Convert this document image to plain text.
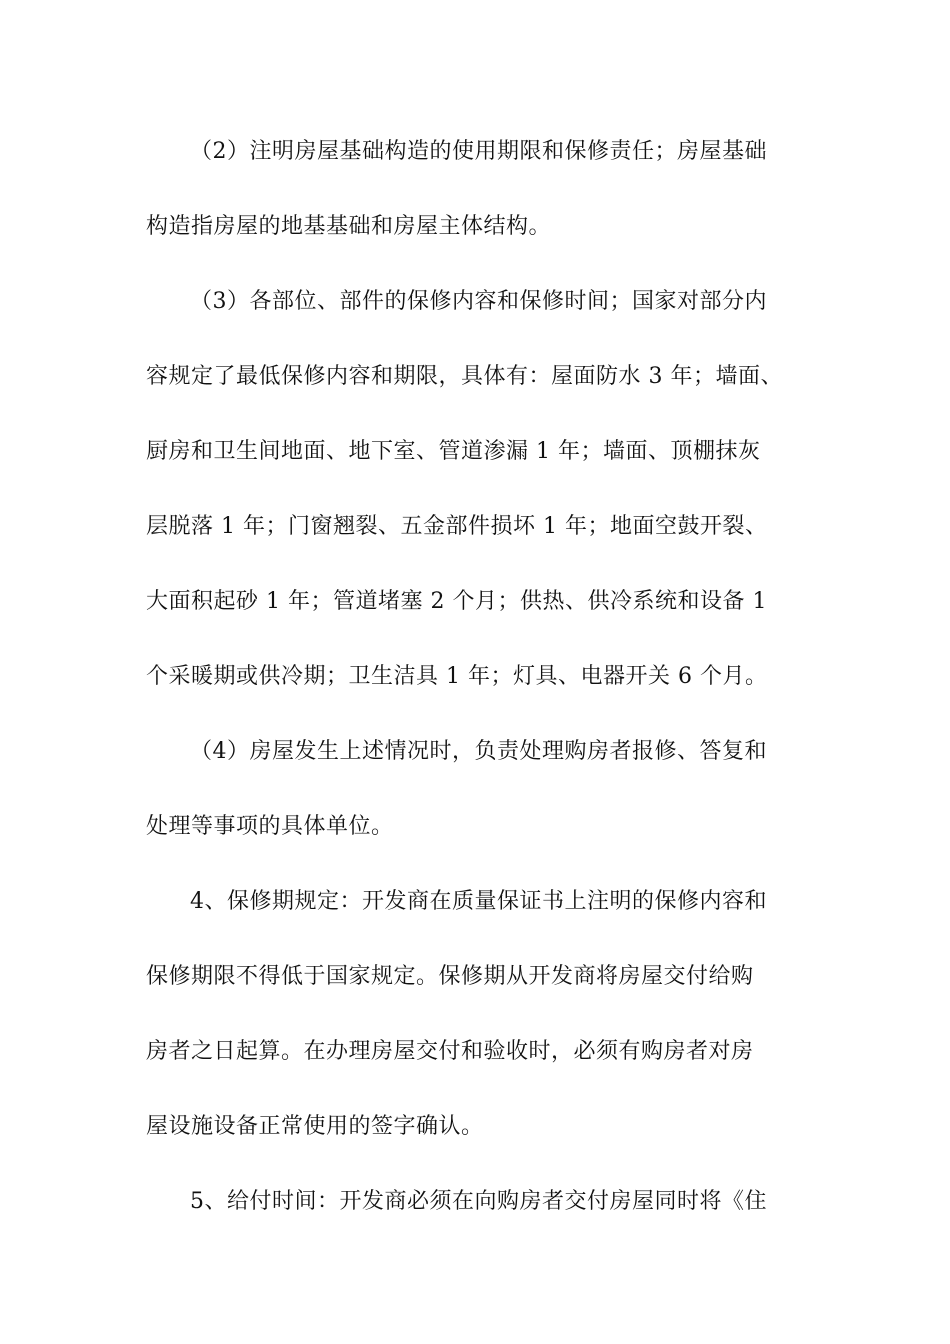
（2）注明房屋基础构造的使用期限和保修责任；房屋基础
构造指房屋的地基基础和房屋主体结构。
（3）各部位、部件的保修内容和保修时间；国家对部分内
容规定了最低保修内容和期限，具体有：屋面防水 3 年；墙面、
厨房和卫生间地面、地下室、管道渗漏 1 年；墙面、顶棚抹灰
层脱落 1 年；门窗翘裂、五金部件损坏 1 年；地面空鼓开裂、
大面积起砂 1 年；管道堵塞 2 个月；供热、供冷系统和设备 1
个采暖期或供冷期；卫生洁具 1 年；灯具、电器开关 6 个月。
（4）房屋发生上述情况时，负责处理购房者报修、答复和
处理等事项的具体单位。
4、保修期规定：开发商在质量保证书上注明的保修内容和
保修期限不得低于国家规定。保修期从开发商将房屋交付给购
房者之日起算。在办理房屋交付和验收时，必须有购房者对房
屋设施设备正常使用的签字确认。
5、给付时间：开发商必须在向购房者交付房屋同时将《住
